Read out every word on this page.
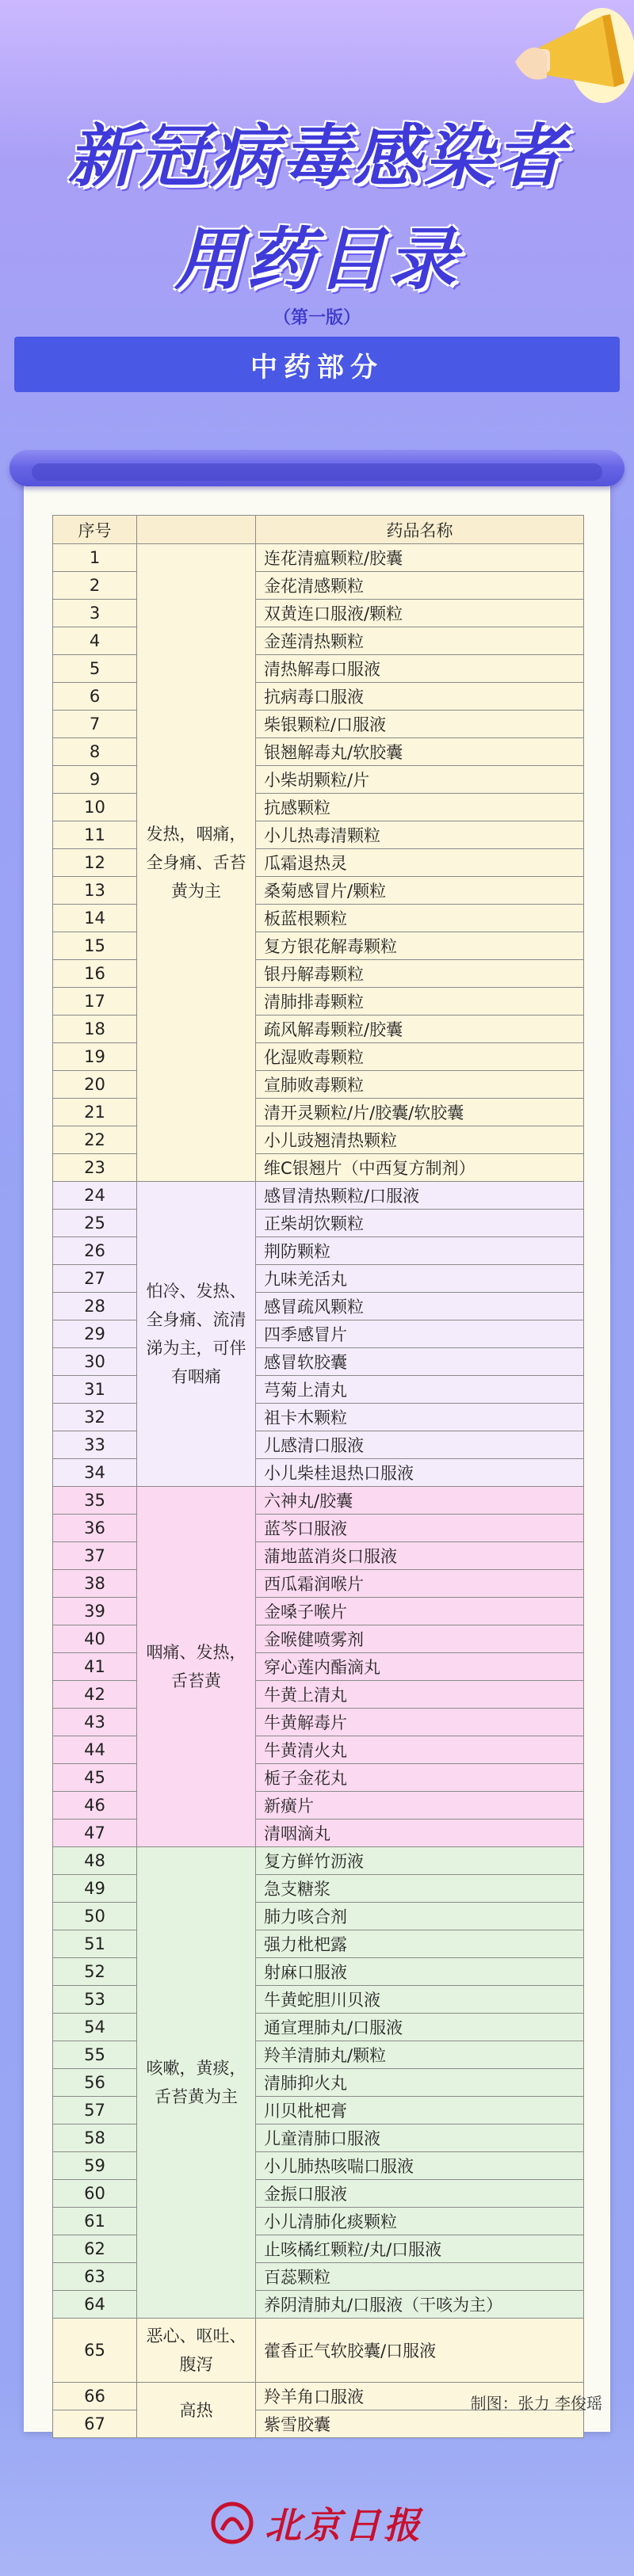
新冠病毒感染者
用药目录
（第一版）
中药部分
序号		药品名称
1	发热，咽痛，全身痛、舌苔黄为主	连花清瘟颗粒/胶囊
2		金花清感颗粒
3		双黄连口服液/颗粒
4		金莲清热颗粒
5		清热解毒口服液
6		抗病毒口服液
7		柴银颗粒/口服液
8		银翘解毒丸/软胶囊
9		小柴胡颗粒/片
10		抗感颗粒
11		小儿热毒清颗粒
12		瓜霜退热灵
13		桑菊感冒片/颗粒
14		板蓝根颗粒
15		复方银花解毒颗粒
16		银丹解毒颗粒
17		清肺排毒颗粒
18		疏风解毒颗粒/胶囊
19		化湿败毒颗粒
20		宣肺败毒颗粒
21		清开灵颗粒/片/胶囊/软胶囊
22		小儿豉翘清热颗粒
23		维C银翘片（中西复方制剂）
24	怕冷、发热、全身痛、流清涕为主，可伴有咽痛	感冒清热颗粒/口服液
25		正柴胡饮颗粒
26		荆防颗粒
27		九味羌活丸
28		感冒疏风颗粒
29		四季感冒片
30		感冒软胶囊
31		芎菊上清丸
32		祖卡木颗粒
33		儿感清口服液
34		小儿柴桂退热口服液
35	咽痛、发热，舌苔黄	六神丸/胶囊
36		蓝芩口服液
37		蒲地蓝消炎口服液
38		西瓜霜润喉片
39		金嗓子喉片
40		金喉健喷雾剂
41		穿心莲内酯滴丸
42		牛黄上清丸
43		牛黄解毒片
44		牛黄清火丸
45		栀子金花丸
46		新癀片
47		清咽滴丸
48	咳嗽，黄痰，舌苔黄为主	复方鲜竹沥液
49		急支糖浆
50		肺力咳合剂
51		强力枇杷露
52		射麻口服液
53		牛黄蛇胆川贝液
54		通宣理肺丸/口服液
55		羚羊清肺丸/颗粒
56		清肺抑火丸
57		川贝枇杷膏
58		儿童清肺口服液
59		小儿肺热咳喘口服液
60		金振口服液
61		小儿清肺化痰颗粒
62		止咳橘红颗粒/丸/口服液
63		百蕊颗粒
64		养阴清肺丸/口服液（干咳为主）
65	恶心、呕吐、腹泻	藿香正气软胶囊/口服液
66	高热	羚羊角口服液
67		紫雪胶囊
制图：张力 李俊瑶
北京日报
